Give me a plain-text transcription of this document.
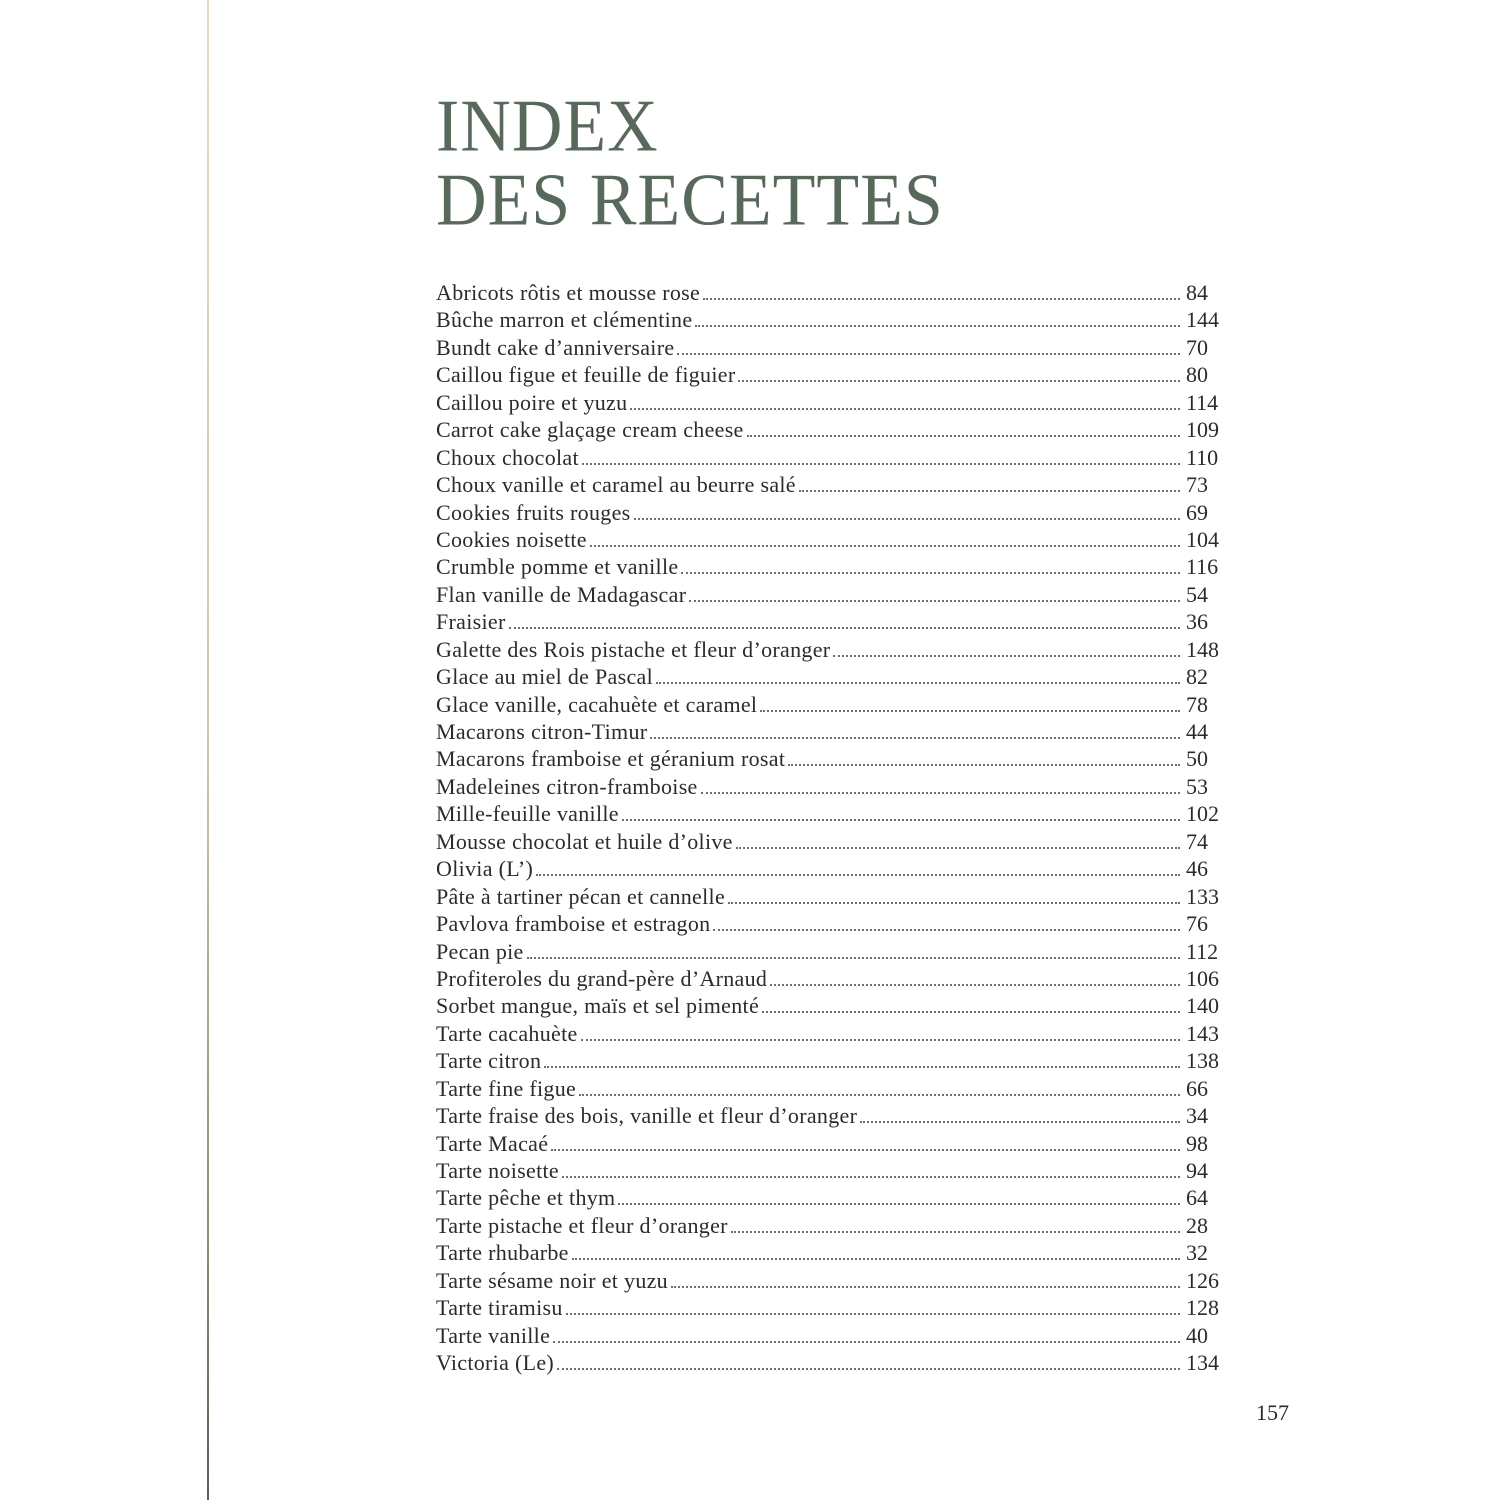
INDEX
DES RECETTES
Abricots rôtis et mousse rose	84
Bûche marron et clémentine	144
Bundt cake d’anniversaire	70
Caillou figue et feuille de figuier	80
Caillou poire et yuzu	114
Carrot cake glaçage cream cheese	109
Choux chocolat	110
Choux vanille et caramel au beurre salé	73
Cookies fruits rouges	69
Cookies noisette	104
Crumble pomme et vanille	116
Flan vanille de Madagascar	54
Fraisier	36
Galette des Rois pistache et fleur d’oranger	148
Glace au miel de Pascal	82
Glace vanille, cacahuète et caramel	78
Macarons citron-Timur	44
Macarons framboise et géranium rosat	50
Madeleines citron-framboise	53
Mille-feuille vanille	102
Mousse chocolat et huile d’olive	74
Olivia (L’)	46
Pâte à tartiner pécan et cannelle	133
Pavlova framboise et estragon	76
Pecan pie	112
Profiteroles du grand-père d’Arnaud	106
Sorbet mangue, maïs et sel pimenté	140
Tarte cacahuète	143
Tarte citron	138
Tarte fine figue	66
Tarte fraise des bois, vanille et fleur d’oranger	34
Tarte Macaé	98
Tarte noisette	94
Tarte pêche et thym	64
Tarte pistache et fleur d’oranger	28
Tarte rhubarbe	32
Tarte sésame noir et yuzu	126
Tarte tiramisu	128
Tarte vanille	40
Victoria (Le)	134
157
